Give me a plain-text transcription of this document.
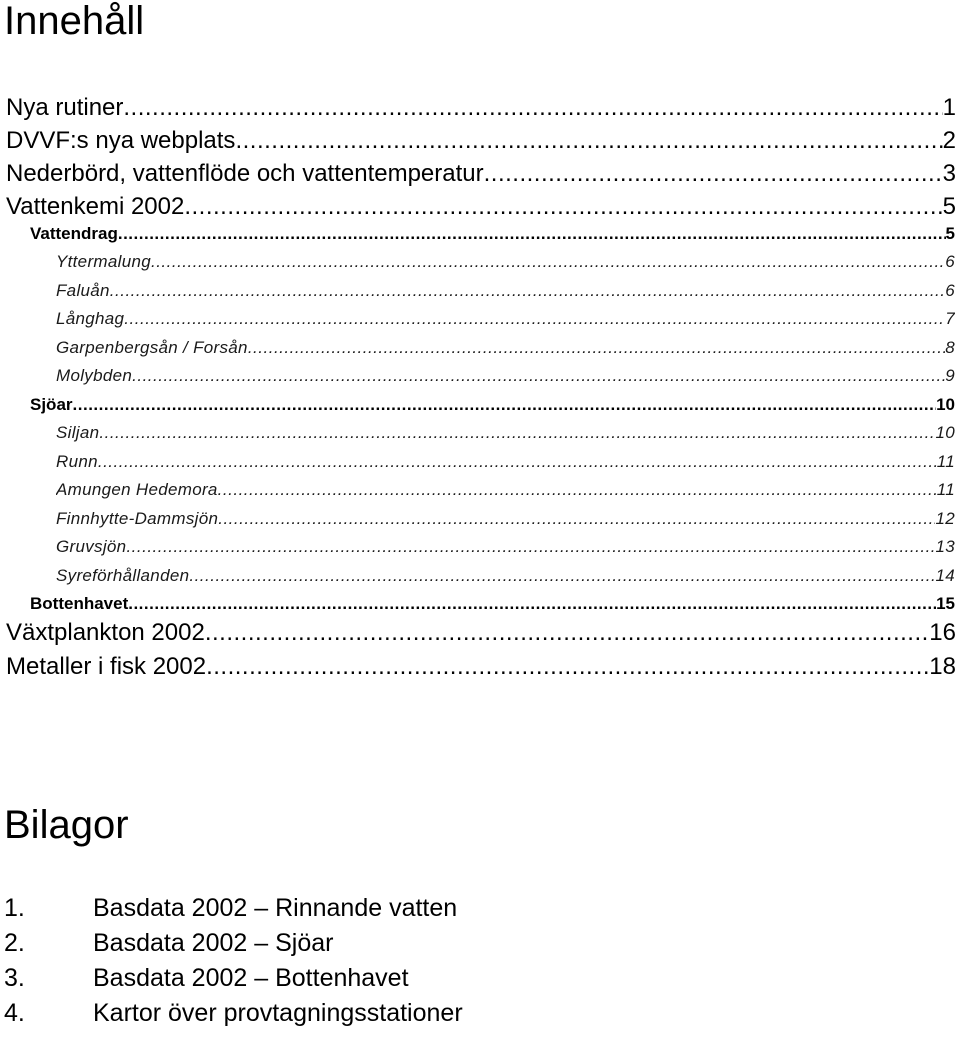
Innehåll
Nya rutiner .....	1
DVVF:s nya webplats .....	2
Nederbörd, vattenflöde och vattentemperatur .....	3
Vattenkemi 2002 .....	5
Vattendrag .....	5
Yttermalung .....	6
Faluån .....	6
Långhag .....	7
Garpenbergsån / Forsån .....	8
Molybden .....	9
Sjöar .....	10
Siljan .....	10
Runn .....	11
Amungen Hedemora .....	11
Finnhytte-Dammsjön .....	12
Gruvsjön .....	13
Syreförhållanden .....	14
Bottenhavet .....	15
Växtplankton 2002 .....	16
Metaller i fisk 2002 .....	18
Bilagor
1.	Basdata 2002 – Rinnande vatten
2.	Basdata 2002 – Sjöar
3.	Basdata 2002 – Bottenhavet
4.	Kartor över provtagningsstationer
